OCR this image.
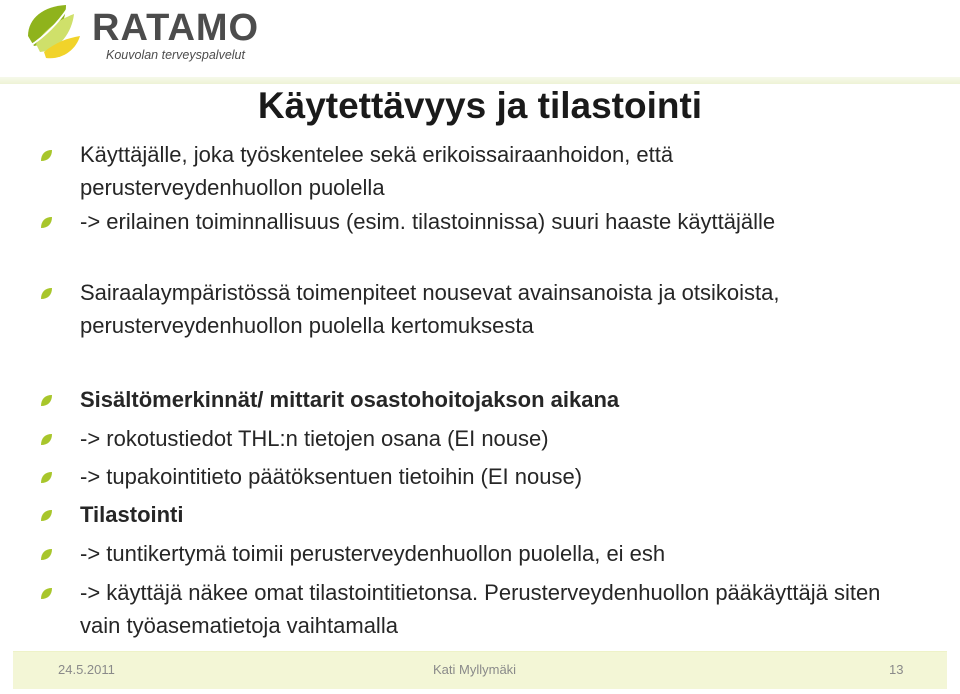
RATAMO
Kouvolan terveyspalvelut
Käytettävyys ja tilastointi
Käyttäjälle, joka työskentelee sekä erikoissairaanhoidon, että perusterveydenhuollon puolella
-> erilainen toiminnallisuus (esim. tilastoinnissa) suuri haaste käyttäjälle
Sairaalaympäristössä toimenpiteet nousevat avainsanoista ja otsikoista, perusterveydenhuollon puolella kertomuksesta
Sisältömerkinnät/ mittarit osastohoitojakson aikana
-> rokotustiedot THL:n tietojen osana (EI nouse)
-> tupakointitieto päätöksentuen tietoihin (EI nouse)
Tilastointi
-> tuntikertymä toimii perusterveydenhuollon puolella, ei esh
-> käyttäjä näkee omat tilastointitietonsa. Perusterveydenhuollon pääkäyttäjä siten vain työasematietoja vaihtamalla
24.5.2011	Kati Myllymäki	13
